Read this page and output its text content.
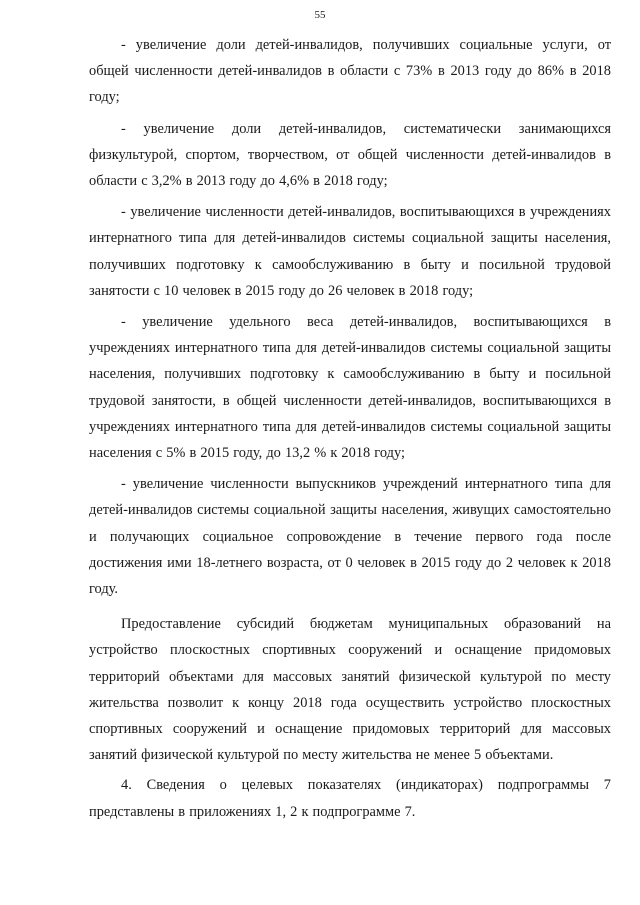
55

- увеличение доли детей-инвалидов, получивших социальные услуги, от общей численности детей-инвалидов в области с 73% в 2013 году до 86% в 2018 году;

- увеличение доли детей-инвалидов, систематически занимающихся физкультурой, спортом, творчеством, от общей численности детей-инвалидов в области с 3,2% в 2013 году до 4,6% в 2018 году;

- увеличение численности детей-инвалидов, воспитывающихся в учреждениях интернатного типа для детей-инвалидов системы социальной защиты населения, получивших подготовку к самообслуживанию в быту и посильной трудовой занятости с 10 человек в 2015 году до 26 человек в 2018 году;

- увеличение удельного веса детей-инвалидов, воспитывающихся в учреждениях интернатного типа для детей-инвалидов системы социальной защиты населения, получивших подготовку к самообслуживанию в быту и посильной трудовой занятости, в общей численности детей-инвалидов, воспитывающихся в учреждениях интернатного типа для детей-инвалидов системы социальной защиты населения с 5% в 2015 году, до 13,2 % к 2018 году;

- увеличение численности выпускников учреждений интернатного типа для детей-инвалидов системы социальной защиты населения, живущих самостоятельно и получающих социальное сопровождение в течение первого года после достижения ими 18-летнего возраста, от 0 человек в 2015 году до 2 человек к 2018 году.

Предоставление субсидий бюджетам муниципальных образований на устройство плоскостных спортивных сооружений и оснащение придомовых территорий объектами для массовых занятий физической культурой по месту жительства позволит к концу 2018 года осуществить устройство плоскостных спортивных сооружений и оснащение придомовых территорий для массовых занятий физической культурой по месту жительства не менее 5 объектами.

4. Сведения о целевых показателях (индикаторах) подпрограммы 7 представлены в приложениях 1, 2 к подпрограмме 7.
